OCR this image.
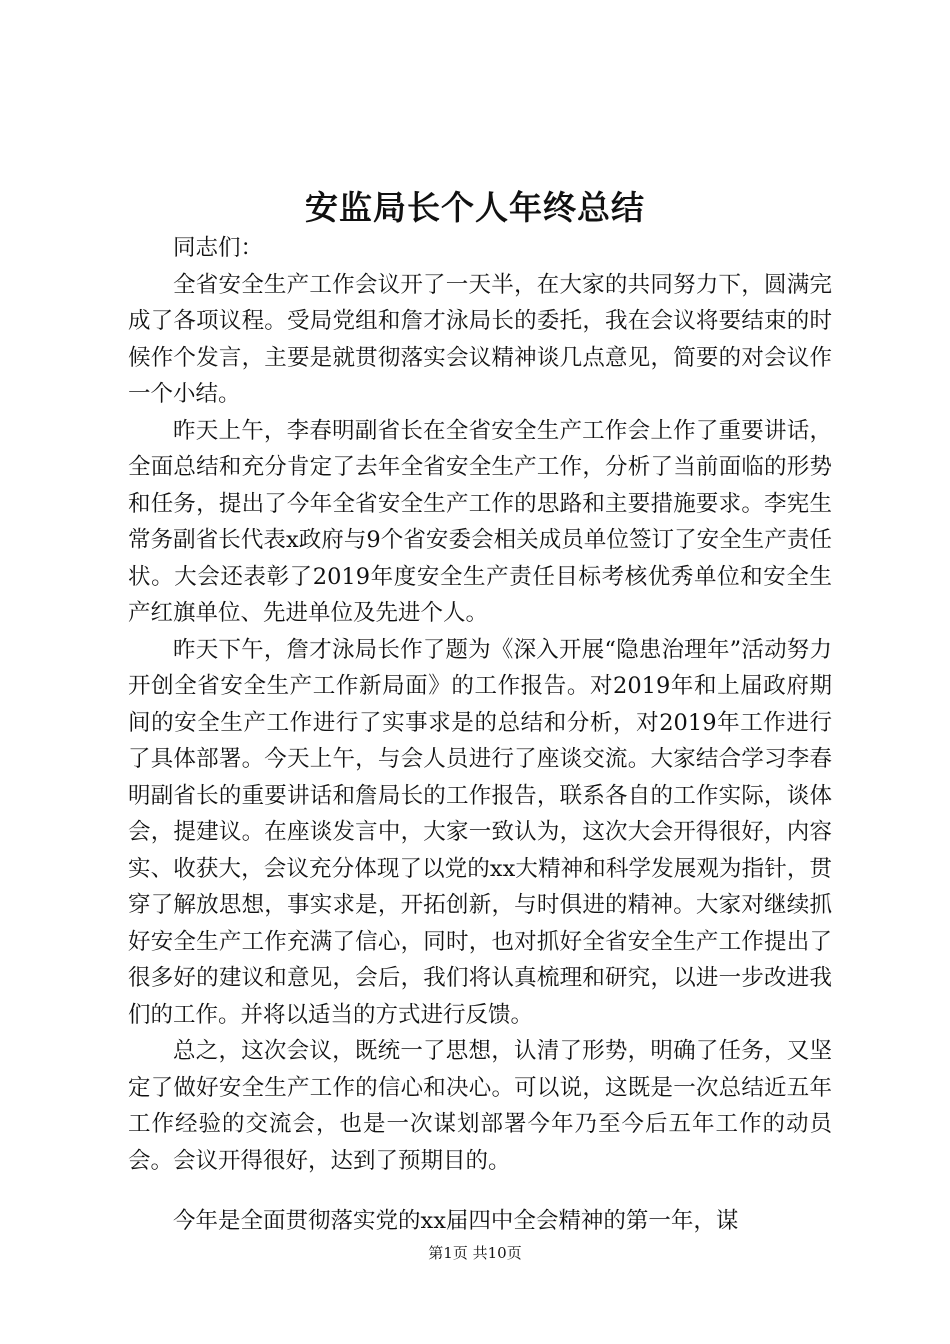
安监局长个人年终总结

同志们：

全省安全生产工作会议开了一天半，在大家的共同努力下，圆满完成了各项议程。受局党组和詹才泳局长的委托，我在会议将要结束的时候作个发言，主要是就贯彻落实会议精神谈几点意见，简要的对会议作一个小结。

昨天上午，李春明副省长在全省安全生产工作会上作了重要讲话，全面总结和充分肯定了去年全省安全生产工作，分析了当前面临的形势和任务，提出了今年全省安全生产工作的思路和主要措施要求。李宪生常务副省长代表x政府与9个省安委会相关成员单位签订了安全生产责任状。大会还表彰了2019年度安全生产责任目标考核优秀单位和安全生产红旗单位、先进单位及先进个人。

昨天下午，詹才泳局长作了题为《深入开展“隐患治理年”活动努力开创全省安全生产工作新局面》的工作报告。对2019年和上届政府期间的安全生产工作进行了实事求是的总结和分析，对2019年工作进行了具体部署。今天上午，与会人员进行了座谈交流。大家结合学习李春明副省长的重要讲话和詹局长的工作报告，联系各自的工作实际，谈体会，提建议。在座谈发言中，大家一致认为，这次大会开得很好，内容实、收获大，会议充分体现了以党的xx大精神和科学发展观为指针，贯穿了解放思想，事实求是，开拓创新，与时俱进的精神。大家对继续抓好安全生产工作充满了信心，同时，也对抓好全省安全生产工作提出了很多好的建议和意见，会后，我们将认真梳理和研究，以进一步改进我们的工作。并将以适当的方式进行反馈。

总之，这次会议，既统一了思想，认清了形势，明确了任务，又坚定了做好安全生产工作的信心和决心。可以说，这既是一次总结近五年工作经验的交流会，也是一次谋划部署今年乃至今后五年工作的动员会。会议开得很好，达到了预期目的。

今年是全面贯彻落实党的xx届四中全会精神的第一年，谋

第1页 共10页
